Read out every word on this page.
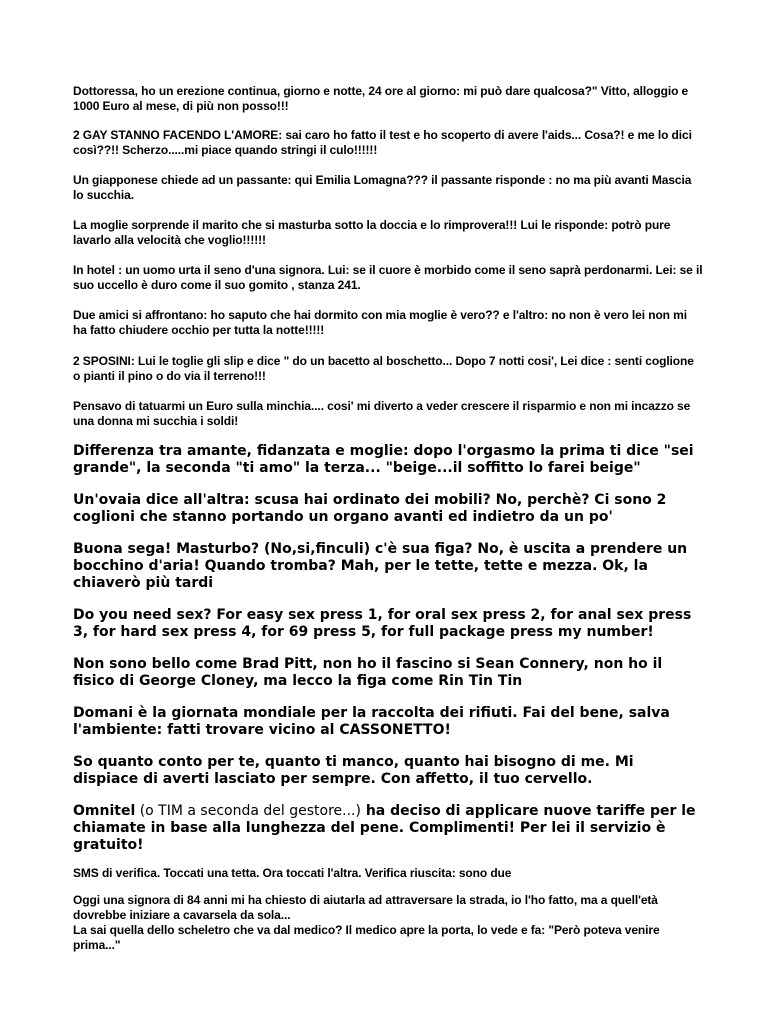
Dottoressa, ho un erezione continua, giorno e notte, 24 ore al giorno: mi può dare qualcosa?" Vitto, alloggio e 1000 Euro al mese, di più non posso!!!

2 GAY STANNO FACENDO L'AMORE: sai caro ho fatto il test e ho scoperto di avere l'aids... Cosa?! e me lo dici così??!! Scherzo.....mi piace quando stringi il culo!!!!!!

Un giapponese chiede ad un passante: qui Emilia Lomagna??? il passante risponde : no ma più avanti Mascia lo succhia.

La moglie sorprende il marito che si masturba sotto la doccia e lo rimprovera!!! Lui le risponde: potrò pure lavarlo alla velocità che voglio!!!!!!

In hotel : un uomo urta il seno d'una signora. Lui: se il cuore è morbido come il seno saprà perdonarmi. Lei: se il suo uccello è duro come il suo gomito , stanza 241.

Due amici si affrontano: ho saputo che hai dormito con mia moglie è vero?? e l'altro: no non è vero lei non mi ha fatto chiudere occhio per tutta la notte!!!!!

2 SPOSINI: Lui le toglie gli slip e dice " do un bacetto al boschetto... Dopo 7 notti cosi', Lei dice : senti coglione o pianti il pino o do via il terreno!!!

Pensavo di tatuarmi un Euro sulla minchia.... cosi' mi diverto a veder crescere il risparmio e non mi incazzo se una donna mi succhia i soldi!

Differenza tra amante, fidanzata e moglie: dopo l'orgasmo la prima ti dice "sei grande", la seconda "ti amo" la terza... "beige...il soffitto lo farei beige"

Un'ovaia dice all'altra: scusa hai ordinato dei mobili? No, perchè? Ci sono 2 coglioni che stanno portando un organo avanti ed indietro da un po'

Buona sega! Masturbo? (No,si,finculi) c'è sua figa? No, è uscita a prendere un bocchino d'aria! Quando tromba? Mah, per le tette, tette e mezza. Ok, la chiaverò più tardi

Do you need sex? For easy sex press 1, for oral sex press 2, for anal sex press 3, for hard sex press 4, for 69 press 5, for full package press my number!

Non sono bello come Brad Pitt, non ho il fascino si Sean Connery, non ho il fisico di George Cloney, ma lecco la figa come Rin Tin Tin

Domani è la giornata mondiale per la raccolta dei rifiuti. Fai del bene, salva l'ambiente: fatti trovare vicino al CASSONETTO!

So quanto conto per te, quanto ti manco, quanto hai bisogno di me. Mi dispiace di averti lasciato per sempre. Con affetto, il tuo cervello.

Omnitel (o TIM a seconda del gestore...) ha deciso di applicare nuove tariffe per le chiamate in base alla lunghezza del pene. Complimenti! Per lei il servizio è gratuito!

SMS di verifica. Toccati una tetta. Ora toccati l'altra. Verifica riuscita: sono due

Oggi una signora di 84 anni mi ha chiesto di aiutarla ad attraversare la strada, io l'ho fatto, ma a quell'età dovrebbe iniziare a cavarsela da sola...

La sai quella dello scheletro che va dal medico? Il medico apre la porta, lo vede e fa: "Però poteva venire prima..."
